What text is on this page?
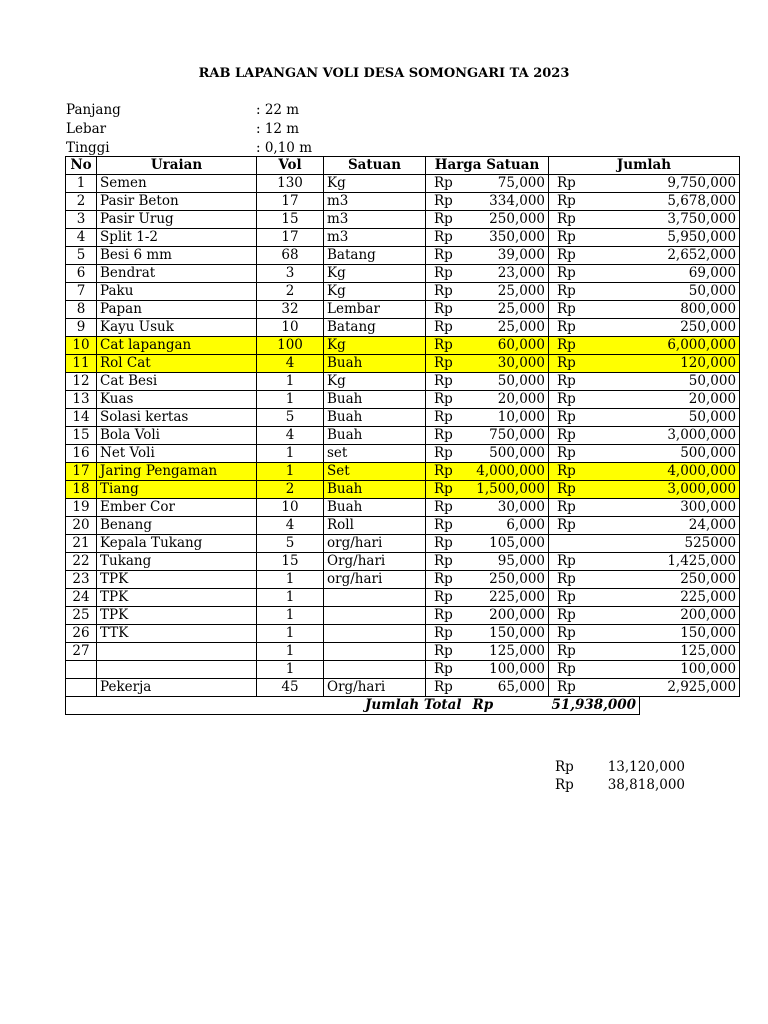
RAB LAPANGAN VOLI DESA SOMONGARI TA 2023
Panjang	: 22 m
Lebar	: 12 m
Tinggi	: 0,10 m
No	Uraian	Vol	Satuan	Harga Satuan		Jumlah	
1	Semen	130	Kg	Rp	75,000	Rp	9,750,000
2	Pasir Beton	17	m3	Rp	334,000	Rp	5,678,000
3	Pasir Urug	15	m3	Rp	250,000	Rp	3,750,000
4	Split 1-2	17	m3	Rp	350,000	Rp	5,950,000
5	Besi 6 mm	68	Batang	Rp	39,000	Rp	2,652,000
6	Bendrat	3	Kg	Rp	23,000	Rp	69,000
7	Paku	2	Kg	Rp	25,000	Rp	50,000
8	Papan	32	Lembar	Rp	25,000	Rp	800,000
9	Kayu Usuk	10	Batang	Rp	25,000	Rp	250,000
10	Cat lapangan	100	Kg	Rp	60,000	Rp	6,000,000
11	Rol Cat	4	Buah	Rp	30,000	Rp	120,000
12	Cat Besi	1	Kg	Rp	50,000	Rp	50,000
13	Kuas	1	Buah	Rp	20,000	Rp	20,000
14	Solasi kertas	5	Buah	Rp	10,000	Rp	50,000
15	Bola Voli	4	Buah	Rp	750,000	Rp	3,000,000
16	Net Voli	1	set	Rp	500,000	Rp	500,000
17	Jaring Pengaman	1	Set	Rp	4,000,000	Rp	4,000,000
18	Tiang	2	Buah	Rp	1,500,000	Rp	3,000,000
19	Ember Cor	10	Buah	Rp	30,000	Rp	300,000
20	Benang	4	Roll	Rp	6,000	Rp	24,000
21	Kepala Tukang	5	org/hari	Rp	105,000		525000
22	Tukang	15	Org/hari	Rp	95,000	Rp	1,425,000
23	TPK	1	org/hari	Rp	250,000	Rp	250,000
24	TPK	1		Rp	225,000	Rp	225,000
25	TPK	1		Rp	200,000	Rp	200,000
26	TTK	1		Rp	150,000	Rp	150,000
27		1		Rp	125,000	Rp	125,000
		1		Rp	100,000	Rp	100,000
	Pekerja	45	Org/hari	Rp	65,000	Rp	2,925,000
Jumlah Total					Rp	51,938,000	
Rp	13,120,000
Rp	38,818,000
